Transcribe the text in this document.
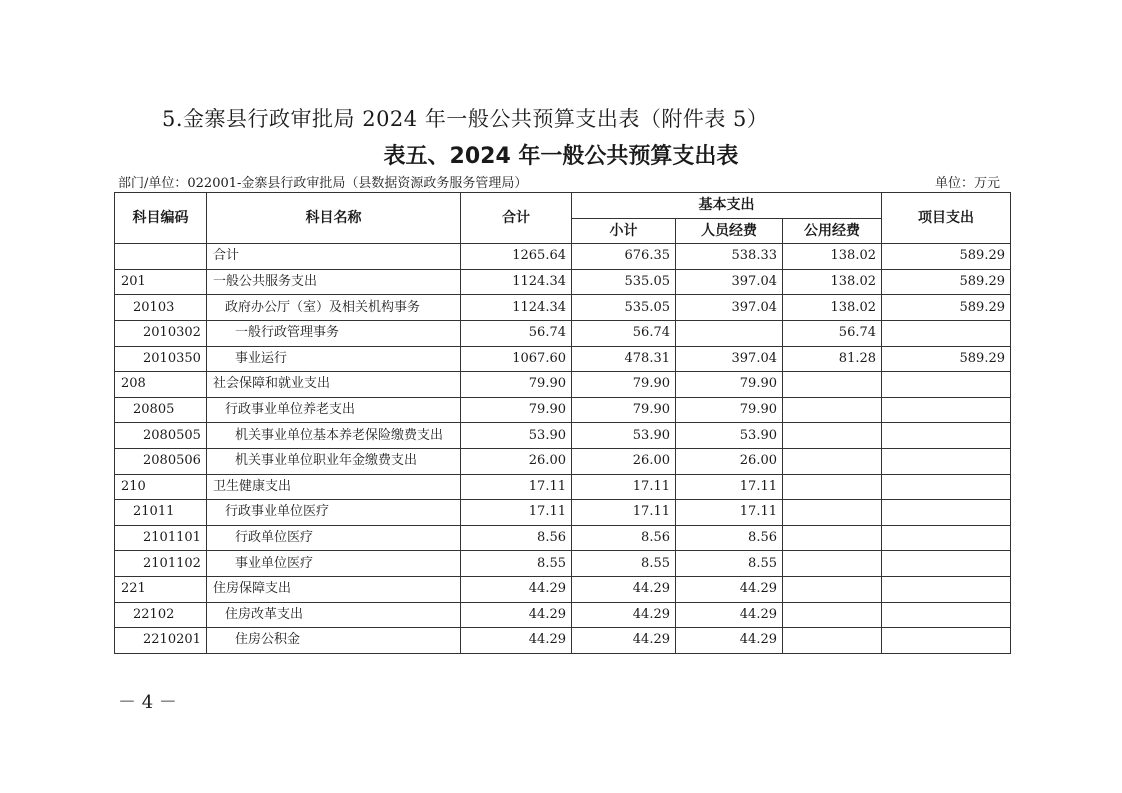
5.金寨县行政审批局 2024 年一般公共预算支出表（附件表 5）
表五、2024 年一般公共预算支出表
部门/单位：022001-金寨县行政审批局（县数据资源政务服务管理局）	单位：万元
科目编码	科目名称	合计	基本支出			项目支出
			小计	人员经费	公用经费	
	合计	1265.64	676.35	538.33	138.02	589.29
201	一般公共服务支出	1124.34	535.05	397.04	138.02	589.29
20103	政府办公厅（室）及相关机构事务	1124.34	535.05	397.04	138.02	589.29
2010302	一般行政管理事务	56.74	56.74		56.74	
2010350	事业运行	1067.60	478.31	397.04	81.28	589.29
208	社会保障和就业支出	79.90	79.90	79.90		
20805	行政事业单位养老支出	79.90	79.90	79.90		
2080505	机关事业单位基本养老保险缴费支出	53.90	53.90	53.90		
2080506	机关事业单位职业年金缴费支出	26.00	26.00	26.00		
210	卫生健康支出	17.11	17.11	17.11		
21011	行政事业单位医疗	17.11	17.11	17.11		
2101101	行政单位医疗	8.56	8.56	8.56		
2101102	事业单位医疗	8.55	8.55	8.55		
221	住房保障支出	44.29	44.29	44.29		
22102	住房改革支出	44.29	44.29	44.29		
2210201	住房公积金	44.29	44.29	44.29		
－ 4 －
